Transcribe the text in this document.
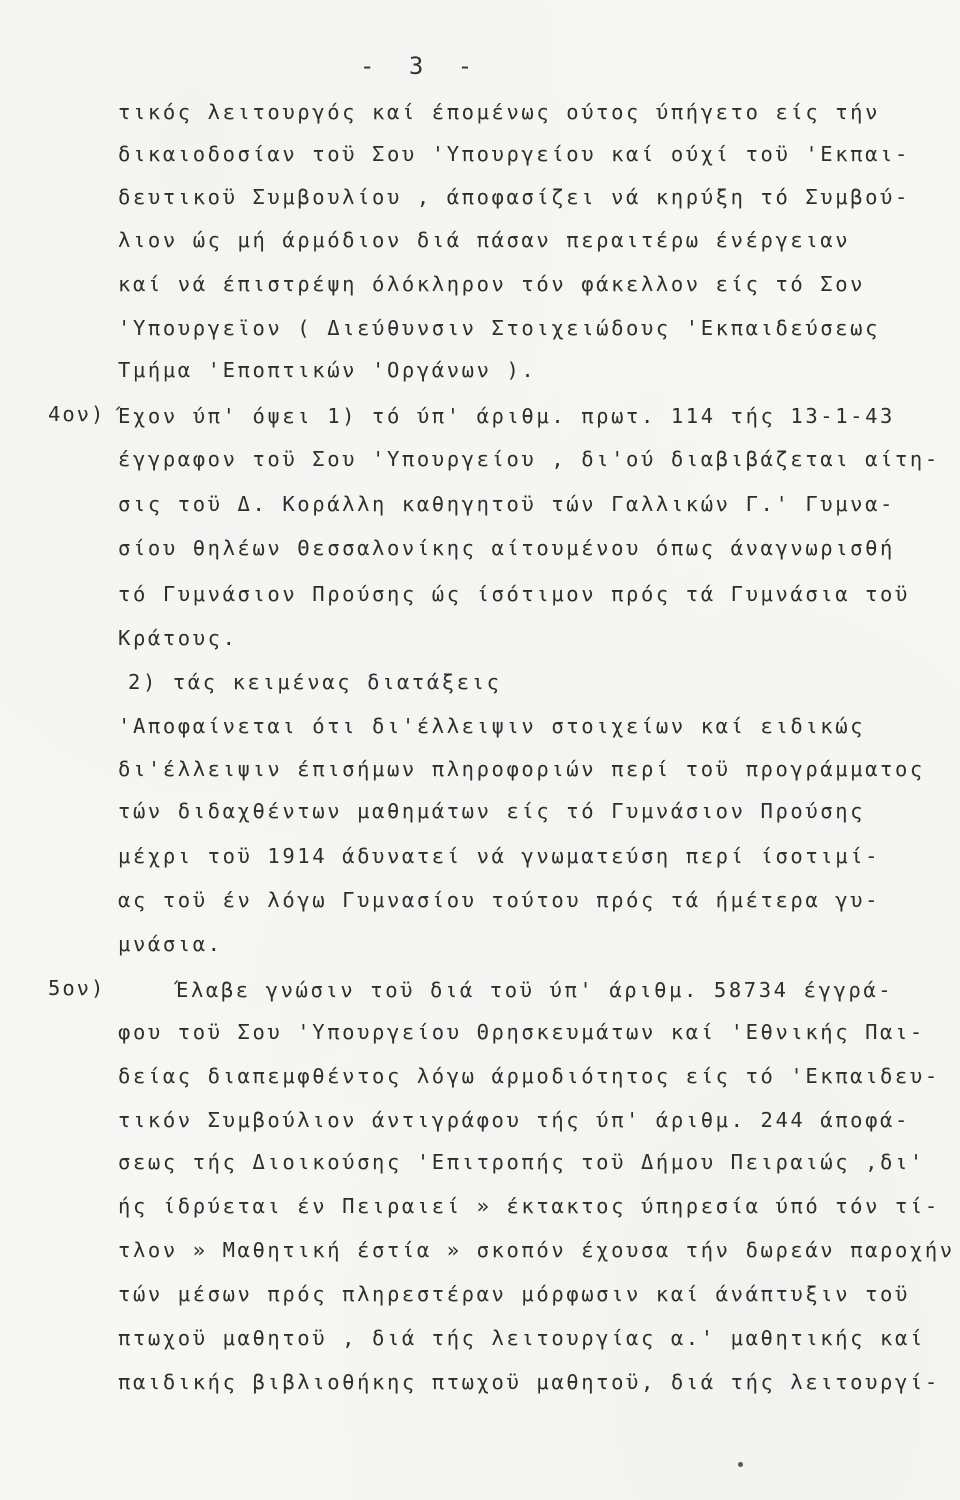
- 3 -
τικός λειτουργός καί έπομένως ούτος ύπήγετο είς τήν
δικαιοδοσίαν τοϋ Σου 'Υπουργείου καί ούχί τοϋ 'Εκπαι-
δευτικοϋ Συμβουλίου , άποφασίζει νά κηρύξη τό Συμβού-
λιον ώς μή άρμόδιον διά πάσαν περαιτέρω ένέργειαν
καί νά έπιστρέψη όλόκληρον τόν φάκελλον είς τό Σον
'Υπουργεϊον ( Διεύθυνσιν Στοιχειώδους 'Εκπαιδεύσεως
Τμήμα 'Εποπτικών 'Οργάνων ).
4ον) Έχον ύπ' όψει 1) τό ύπ' άριθμ. πρωτ. 114 τής 13-1-43
έγγραφον τοϋ Σου 'Υπουργείου , δι'ού διαβιβάζεται αίτη-
σις τοϋ Δ. Κοράλλη καθηγητοϋ τών Γαλλικών Γ.' Γυμνα-
σίου θηλέων Θεσσαλονίκης αίτουμένου όπως άναγνωρισθή
τό Γυμνάσιον Προύσης ώς ίσότιμον πρός τά Γυμνάσια τοϋ
Κράτους.
2) τάς κειμένας διατάξεις
'Αποφαίνεται ότι δι'έλλειψιν στοιχείων καί ειδικώς
δι'έλλειψιν έπισήμων πληροφοριών περί τοϋ προγράμματος
τών διδαχθέντων μαθημάτων είς τό Γυμνάσιον Προύσης
μέχρι τοϋ 1914 άδυνατεί νά γνωματεύση περί ίσοτιμί-
ας τοϋ έν λόγω Γυμνασίου τούτου πρός τά ήμέτερα γυ-
μνάσια.
5ον)	Έλαβε γνώσιν τοϋ διά τοϋ ύπ' άριθμ. 58734 έγγρά-
φου τοϋ Σου 'Υπουργείου Θρησκευμάτων καί 'Εθνικής Παι-
δείας διαπεμφθέντος λόγω άρμοδιότητος είς τό 'Εκπαιδευ-
τικόν Συμβούλιον άντιγράφου τής ύπ' άριθμ. 244 άποφά-
σεως τής Διοικούσης 'Επιτροπής τοϋ Δήμου Πειραιώς ,δι'
ής ίδρύεται έν Πειραιεί » έκτακτος ύπηρεσία ύπό τόν τί-
τλον » Μαθητική έστία » σκοπόν έχουσα τήν δωρεάν παροχήν
τών μέσων πρός πληρεστέραν μόρφωσιν καί άνάπτυξιν τοϋ
πτωχοϋ μαθητοϋ , διά τής λειτουργίας α.' μαθητικής καί
παιδικής βιβλιοθήκης πτωχοϋ μαθητοϋ, διά τής λειτουργί-
